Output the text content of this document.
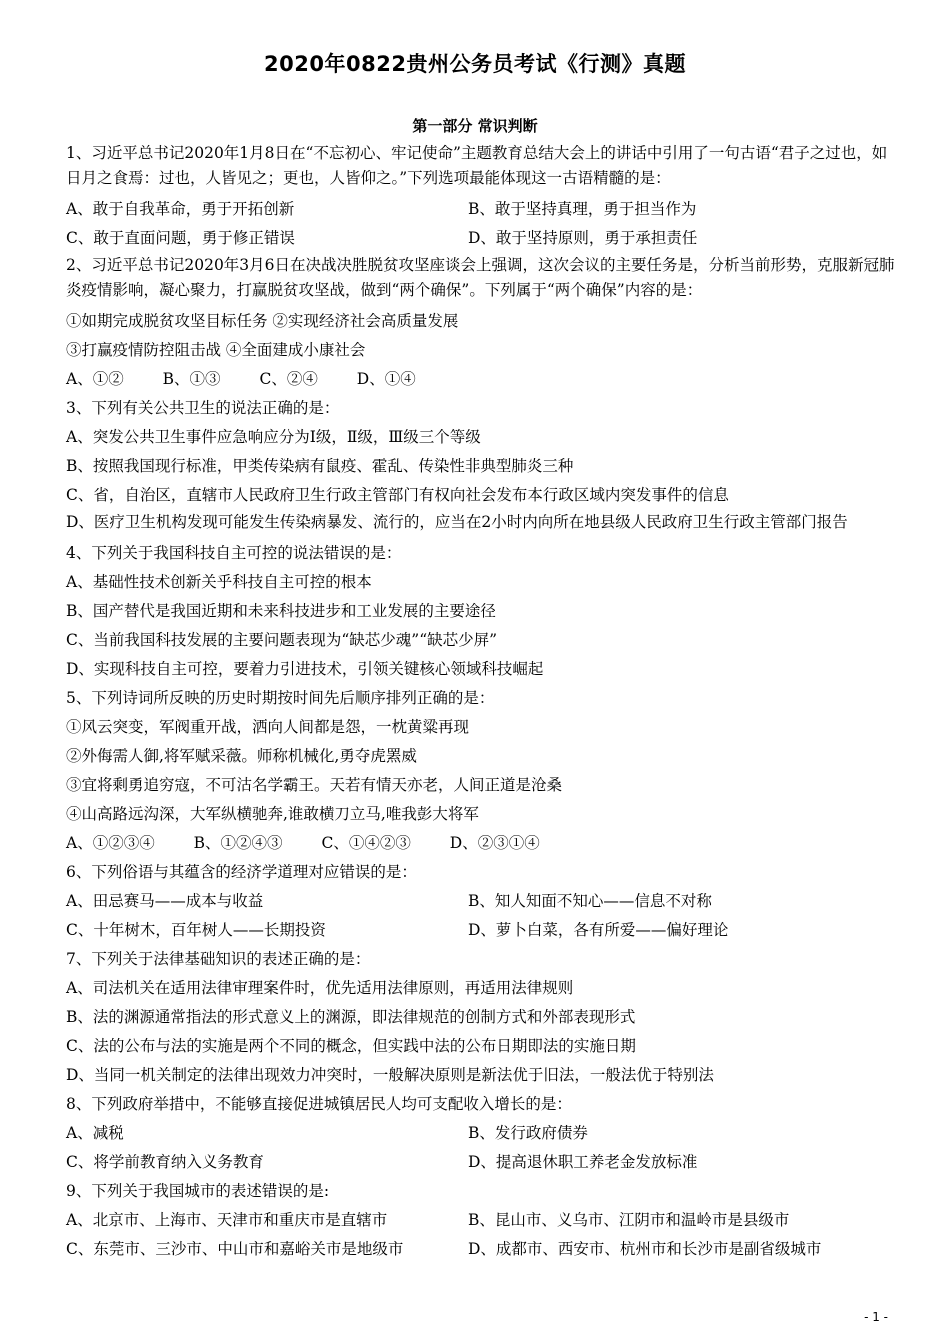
2020年0822贵州公务员考试《行测》真题
第一部分 常识判断
1、习近平总书记2020年1月8日在“不忘初心、牢记使命”主题教育总结大会上的讲话中引用了一句古语“君子之过也，如日月之食焉：过也，人皆见之；更也，人皆仰之。”下列选项最能体现这一古语精髓的是：
A、敢于自我革命，勇于开拓创新	B、敢于坚持真理，勇于担当作为
C、敢于直面问题，勇于修正错误	D、敢于坚持原则，勇于承担责任
2、习近平总书记2020年3月6日在决战决胜脱贫攻坚座谈会上强调，这次会议的主要任务是，分析当前形势，克服新冠肺炎疫情影响，凝心聚力，打赢脱贫攻坚战，做到“两个确保”。下列属于“两个确保”内容的是：
①如期完成脱贫攻坚目标任务 ②实现经济社会高质量发展
③打赢疫情防控阻击战 ④全面建成小康社会
A、①②	B、①③	C、②④	D、①④
3、下列有关公共卫生的说法正确的是：
A、突发公共卫生事件应急响应分为Ⅰ级，Ⅱ级，Ⅲ级三个等级
B、按照我国现行标准，甲类传染病有鼠疫、霍乱、传染性非典型肺炎三种
C、省，自治区，直辖市人民政府卫生行政主管部门有权向社会发布本行政区域内突发事件的信息
D、医疗卫生机构发现可能发生传染病暴发、流行的，应当在2小时内向所在地县级人民政府卫生行政主管部门报告
4、下列关于我国科技自主可控的说法错误的是：
A、基础性技术创新关乎科技自主可控的根本
B、国产替代是我国近期和未来科技进步和工业发展的主要途径
C、当前我国科技发展的主要问题表现为“缺芯少魂”“缺芯少屏”
D、实现科技自主可控，要着力引进技术，引领关键核心领域科技崛起
5、下列诗词所反映的历史时期按时间先后顺序排列正确的是：
①风云突变，军阀重开战，洒向人间都是怨，一枕黄粱再现
②外侮需人御,将军赋采薇。师称机械化,勇夺虎罴威
③宜将剩勇追穷寇，不可沽名学霸王。天若有情天亦老，人间正道是沧桑
④山高路远沟深，大军纵横驰奔,谁敢横刀立马,唯我彭大将军
A、①②③④	B、①②④③	C、①④②③	D、②③①④
6、下列俗语与其蕴含的经济学道理对应错误的是：
A、田忌赛马——成本与收益	B、知人知面不知心——信息不对称
C、十年树木，百年树人——长期投资	D、萝卜白菜，各有所爱——偏好理论
7、下列关于法律基础知识的表述正确的是：
A、司法机关在适用法律审理案件时，优先适用法律原则，再适用法律规则
B、法的渊源通常指法的形式意义上的渊源，即法律规范的创制方式和外部表现形式
C、法的公布与法的实施是两个不同的概念，但实践中法的公布日期即法的实施日期
D、当同一机关制定的法律出现效力冲突时，一般解决原则是新法优于旧法，一般法优于特别法
8、下列政府举措中，不能够直接促进城镇居民人均可支配收入增长的是：
A、减税	B、发行政府债券
C、将学前教育纳入义务教育	D、提高退休职工养老金发放标准
9、下列关于我国城市的表述错误的是:
A、北京市、上海市、天津市和重庆市是直辖市	B、昆山市、义乌市、江阴市和温岭市是县级市
C、东莞市、三沙市、中山市和嘉峪关市是地级市	D、成都市、西安市、杭州市和长沙市是副省级城市
- 1 -
